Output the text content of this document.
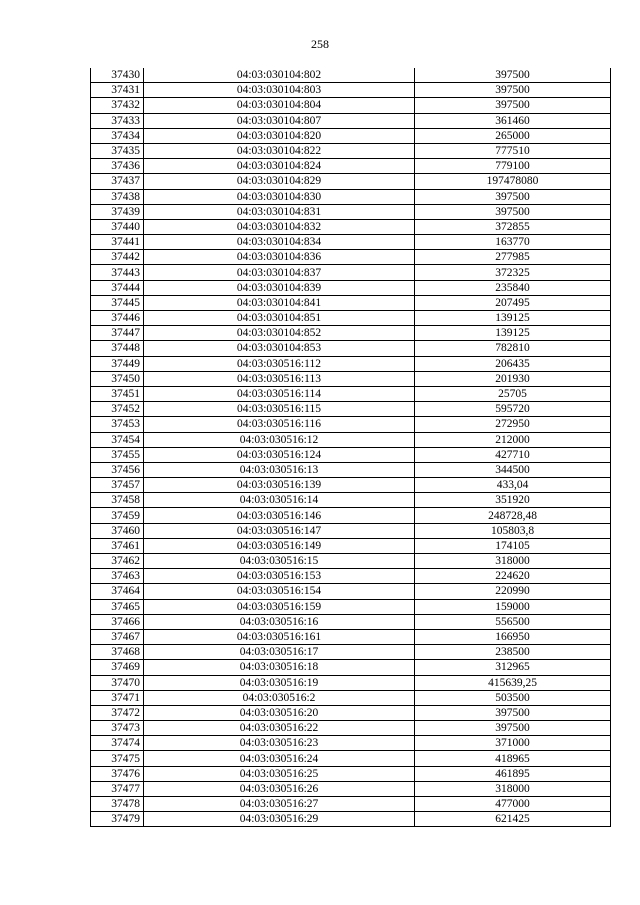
258
37430	04:03:030104:802	397500
37431	04:03:030104:803	397500
37432	04:03:030104:804	397500
37433	04:03:030104:807	361460
37434	04:03:030104:820	265000
37435	04:03:030104:822	777510
37436	04:03:030104:824	779100
37437	04:03:030104:829	197478080
37438	04:03:030104:830	397500
37439	04:03:030104:831	397500
37440	04:03:030104:832	372855
37441	04:03:030104:834	163770
37442	04:03:030104:836	277985
37443	04:03:030104:837	372325
37444	04:03:030104:839	235840
37445	04:03:030104:841	207495
37446	04:03:030104:851	139125
37447	04:03:030104:852	139125
37448	04:03:030104:853	782810
37449	04:03:030516:112	206435
37450	04:03:030516:113	201930
37451	04:03:030516:114	25705
37452	04:03:030516:115	595720
37453	04:03:030516:116	272950
37454	04:03:030516:12	212000
37455	04:03:030516:124	427710
37456	04:03:030516:13	344500
37457	04:03:030516:139	433,04
37458	04:03:030516:14	351920
37459	04:03:030516:146	248728,48
37460	04:03:030516:147	105803,8
37461	04:03:030516:149	174105
37462	04:03:030516:15	318000
37463	04:03:030516:153	224620
37464	04:03:030516:154	220990
37465	04:03:030516:159	159000
37466	04:03:030516:16	556500
37467	04:03:030516:161	166950
37468	04:03:030516:17	238500
37469	04:03:030516:18	312965
37470	04:03:030516:19	415639,25
37471	04:03:030516:2	503500
37472	04:03:030516:20	397500
37473	04:03:030516:22	397500
37474	04:03:030516:23	371000
37475	04:03:030516:24	418965
37476	04:03:030516:25	461895
37477	04:03:030516:26	318000
37478	04:03:030516:27	477000
37479	04:03:030516:29	621425
